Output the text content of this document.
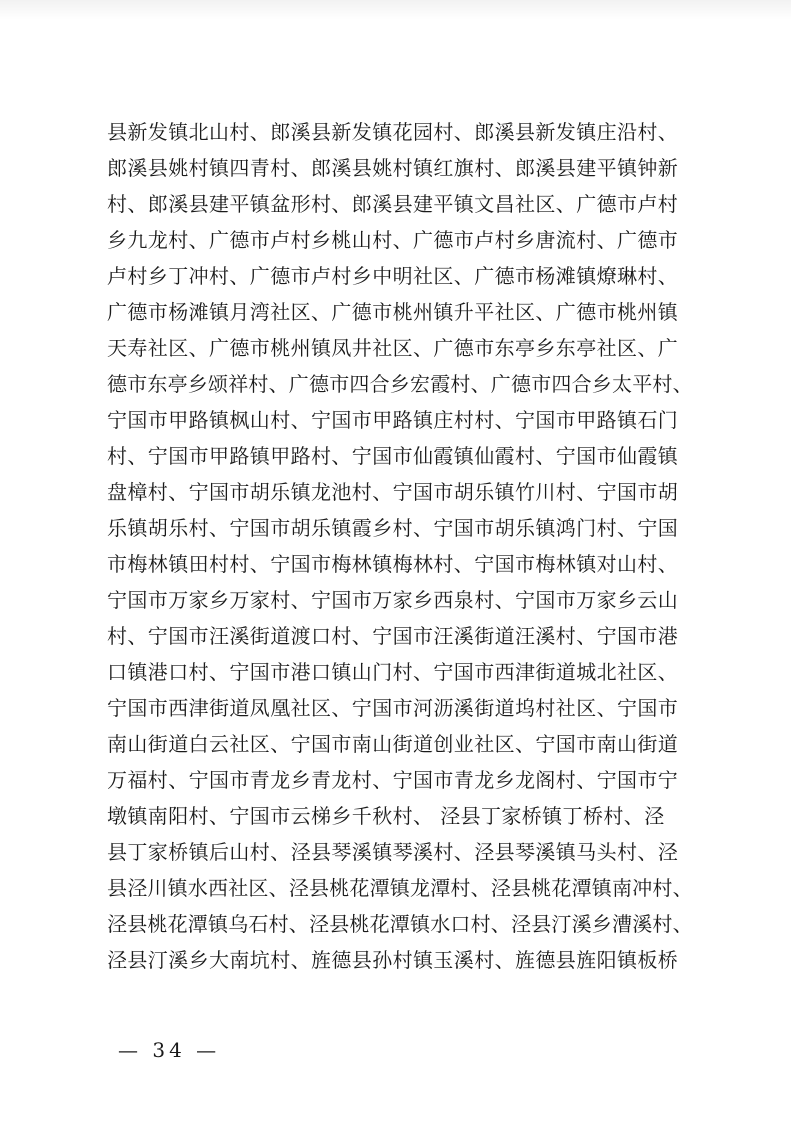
县新发镇北山村、郎溪县新发镇花园村、郎溪县新发镇庄沿村、
郎溪县姚村镇四青村、郎溪县姚村镇红旗村、郎溪县建平镇钟新
村、郎溪县建平镇盆形村、郎溪县建平镇文昌社区、广德市卢村
乡九龙村、广德市卢村乡桃山村、广德市卢村乡唐流村、广德市
卢村乡丁冲村、广德市卢村乡中明社区、广德市杨滩镇燎琳村、
广德市杨滩镇月湾社区、广德市桃州镇升平社区、广德市桃州镇
天寿社区、广德市桃州镇凤井社区、广德市东亭乡东亭社区、广
德市东亭乡颂祥村、广德市四合乡宏霞村、广德市四合乡太平村、
宁国市甲路镇枫山村、宁国市甲路镇庄村村、宁国市甲路镇石门
村、宁国市甲路镇甲路村、宁国市仙霞镇仙霞村、宁国市仙霞镇
盘樟村、宁国市胡乐镇龙池村、宁国市胡乐镇竹川村、宁国市胡
乐镇胡乐村、宁国市胡乐镇霞乡村、宁国市胡乐镇鸿门村、宁国
市梅林镇田村村、宁国市梅林镇梅林村、宁国市梅林镇对山村、
宁国市万家乡万家村、宁国市万家乡西泉村、宁国市万家乡云山
村、宁国市汪溪街道渡口村、宁国市汪溪街道汪溪村、宁国市港
口镇港口村、宁国市港口镇山门村、宁国市西津街道城北社区、
宁国市西津街道凤凰社区、宁国市河沥溪街道坞村社区、宁国市
南山街道白云社区、宁国市南山街道创业社区、宁国市南山街道
万福村、宁国市青龙乡青龙村、宁国市青龙乡龙阁村、宁国市宁
墩镇南阳村、宁国市云梯乡千秋村、 泾县丁家桥镇丁桥村、泾
县丁家桥镇后山村、泾县琴溪镇琴溪村、泾县琴溪镇马头村、泾
县泾川镇水西社区、泾县桃花潭镇龙潭村、泾县桃花潭镇南冲村、
泾县桃花潭镇乌石村、泾县桃花潭镇水口村、泾县汀溪乡漕溪村、
泾县汀溪乡大南坑村、旌德县孙村镇玉溪村、旌德县旌阳镇板桥
— 34 —
